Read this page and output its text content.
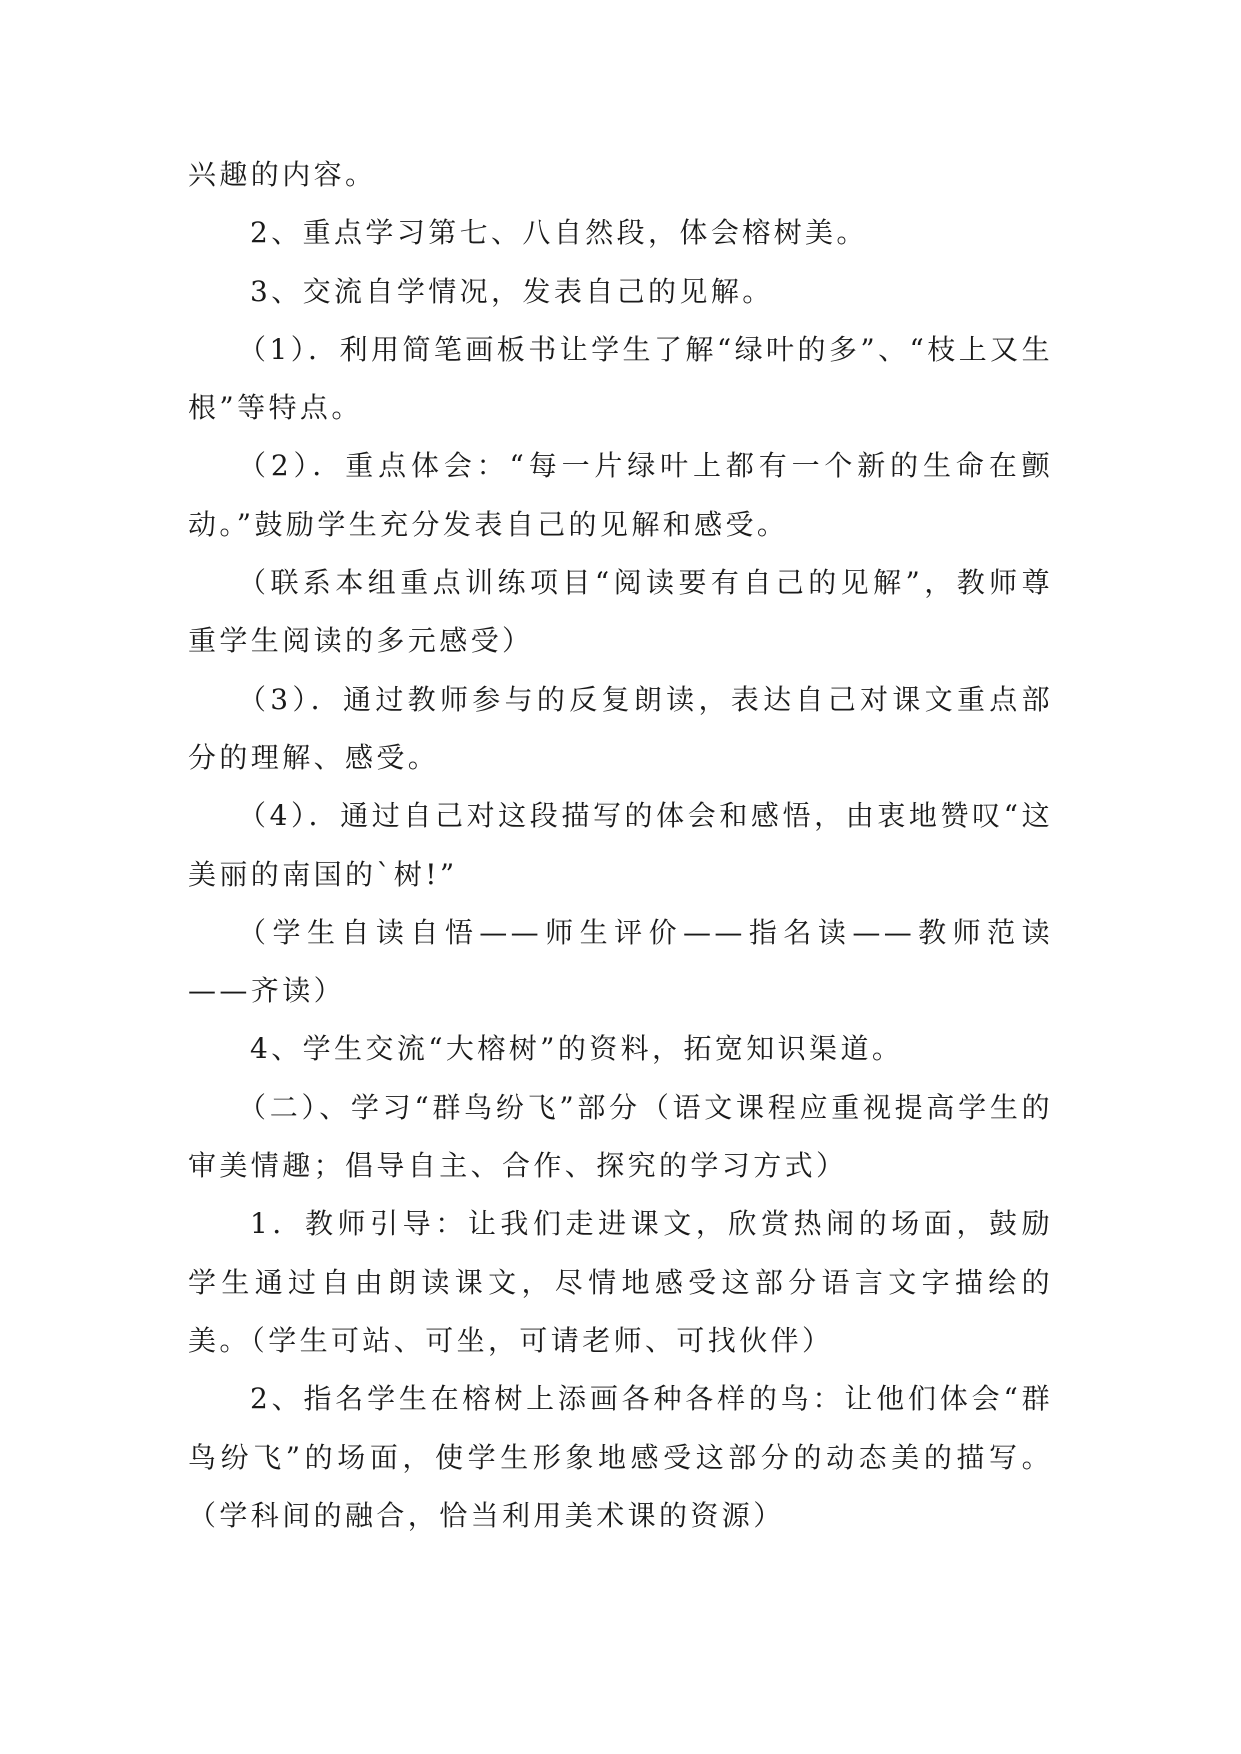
兴趣的内容。

2、重点学习第七、八自然段，体会榕树美。

3、交流自学情况，发表自己的见解。

（1）．利用简笔画板书让学生了解“绿叶的多”、“枝上又生根”等特点。

（2）．重点体会：“每一片绿叶上都有一个新的生命在颤动。”鼓励学生充分发表自己的见解和感受。

（联系本组重点训练项目“阅读要有自己的见解”，教师尊重学生阅读的多元感受）

（3）．通过教师参与的反复朗读，表达自己对课文重点部分的理解、感受。

（4）．通过自己对这段描写的体会和感悟，由衷地赞叹“这美丽的南国的`树!”

（学生自读自悟——师生评价——指名读——教师范读——齐读）

4、学生交流“大榕树”的资料，拓宽知识渠道。

（二）、学习“群鸟纷飞”部分（语文课程应重视提高学生的审美情趣；倡导自主、合作、探究的学习方式）

1．教师引导：让我们走进课文，欣赏热闹的场面，鼓励学生通过自由朗读课文，尽情地感受这部分语言文字描绘的美。（学生可站、可坐，可请老师、可找伙伴）

2、指名学生在榕树上添画各种各样的鸟：让他们体会“群鸟纷飞”的场面，使学生形象地感受这部分的动态美的描写。（学科间的融合，恰当利用美术课的资源）
